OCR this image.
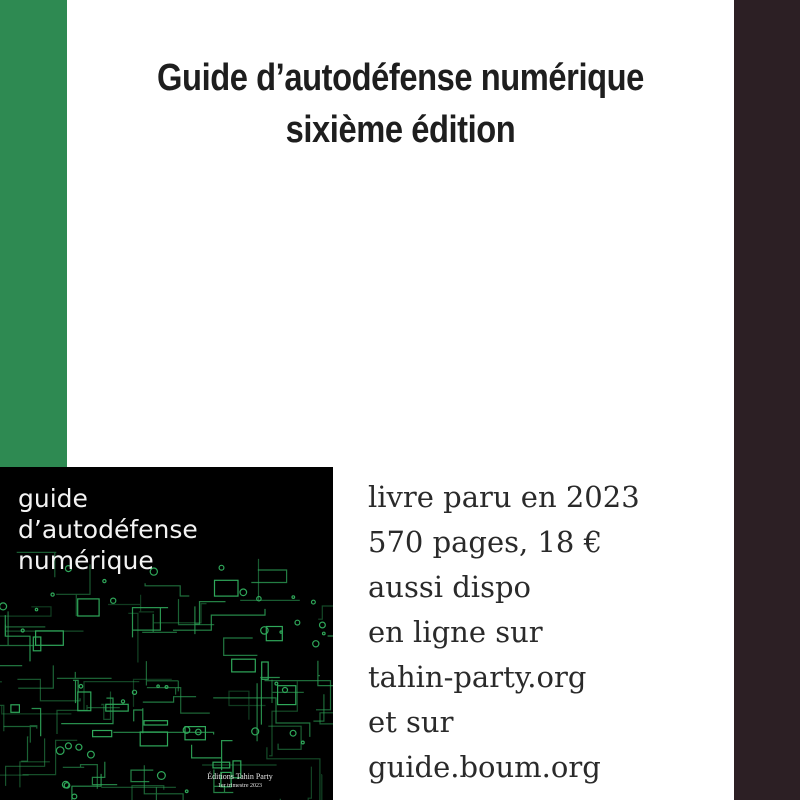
Guide d’autodéfense numérique
sixième édition
guide
d’autodéfense
numérique
Éditions Tahin Party
1er trimestre 2023
livre paru en 2023
570 pages, 18 €
aussi dispo
en ligne sur
tahin-party.org
et sur
guide.boum.org
